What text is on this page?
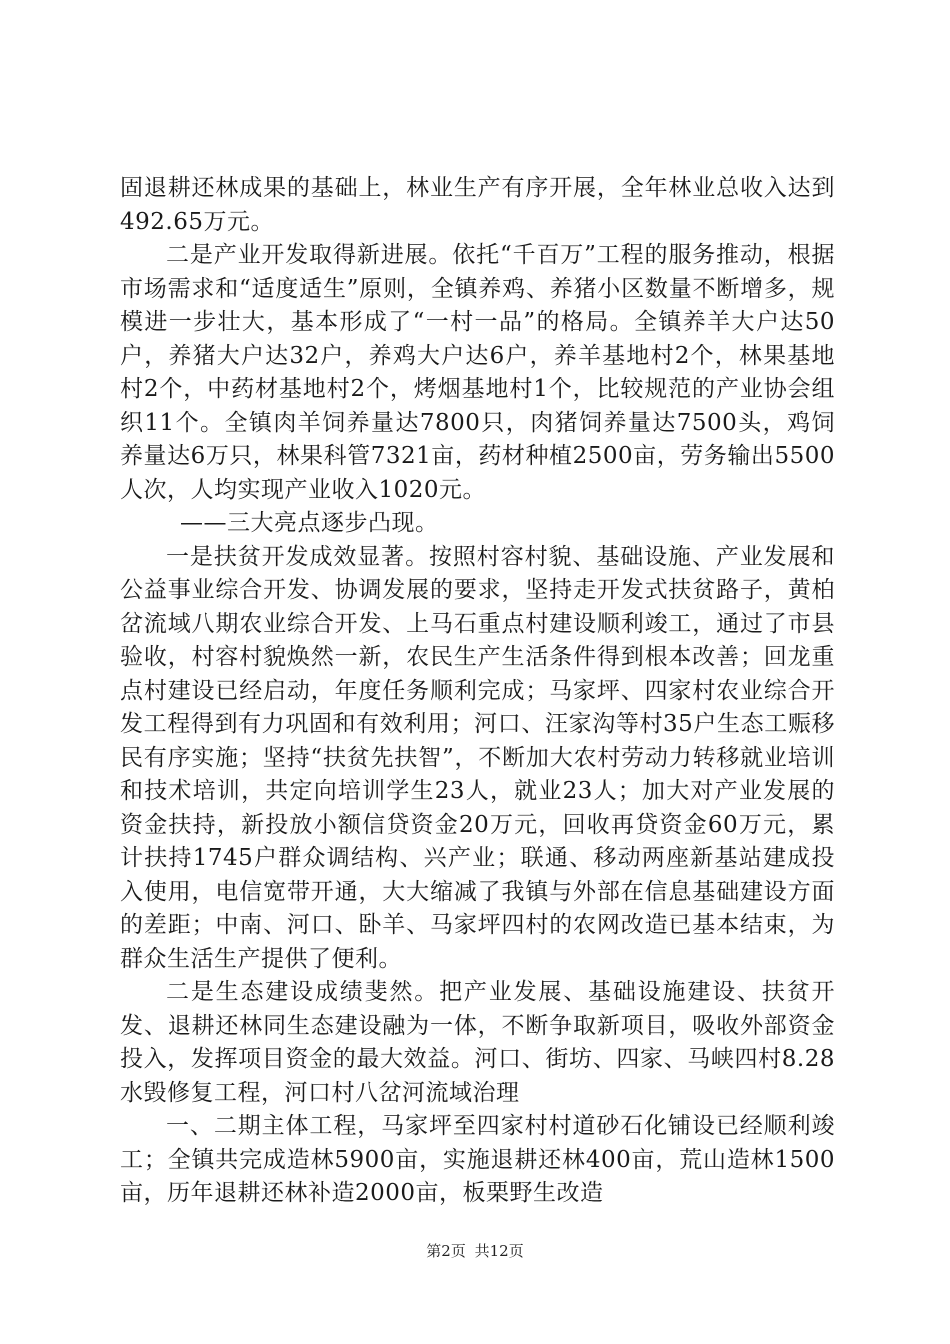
固退耕还林成果的基础上，林业生产有序开展，全年林业总收入达到492.65万元。

二是产业开发取得新进展。依托“千百万”工程的服务推动，根据市场需求和“适度适生”原则，全镇养鸡、养猪小区数量不断增多，规模进一步壮大，基本形成了“一村一品”的格局。全镇养羊大户达50户，养猪大户达32户，养鸡大户达6户，养羊基地村2个，林果基地村2个，中药材基地村2个，烤烟基地村1个，比较规范的产业协会组织11个。全镇肉羊饲养量达7800只，肉猪饲养量达7500头，鸡饲养量达6万只，林果科管7321亩，药材种植2500亩，劳务输出5500人次，人均实现产业收入1020元。

——三大亮点逐步凸现。

一是扶贫开发成效显著。按照村容村貌、基础设施、产业发展和公益事业综合开发、协调发展的要求，坚持走开发式扶贫路子，黄柏岔流域八期农业综合开发、上马石重点村建设顺利竣工，通过了市县验收，村容村貌焕然一新，农民生产生活条件得到根本改善；回龙重点村建设已经启动，年度任务顺利完成；马家坪、四家村农业综合开发工程得到有力巩固和有效利用；河口、汪家沟等村35户生态工赈移民有序实施；坚持“扶贫先扶智”，不断加大农村劳动力转移就业培训和技术培训，共定向培训学生23人，就业23人；加大对产业发展的资金扶持，新投放小额信贷资金20万元，回收再贷资金60万元，累计扶持1745户群众调结构、兴产业；联通、移动两座新基站建成投入使用，电信宽带开通，大大缩减了我镇与外部在信息基础建设方面的差距；中南、河口、卧羊、马家坪四村的农网改造已基本结束，为群众生活生产提供了便利。

二是生态建设成绩斐然。把产业发展、基础设施建设、扶贫开发、退耕还林同生态建设融为一体，不断争取新项目，吸收外部资金投入，发挥项目资金的最大效益。河口、街坊、四家、马峡四村8.28水毁修复工程，河口村八岔河流域治理

一、二期主体工程，马家坪至四家村村道砂石化铺设已经顺利竣工；全镇共完成造林5900亩，实施退耕还林400亩，荒山造林1500亩，历年退耕还林补造2000亩，板栗野生改造

第2页 共12页
